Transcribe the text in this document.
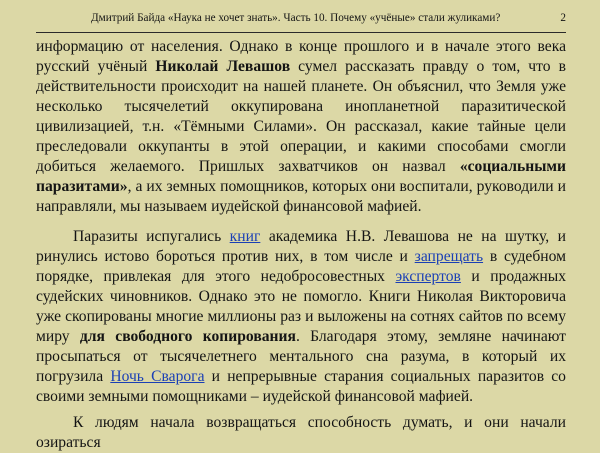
Дмитрий Байда «Наука не хочет знать». Часть 10. Почему «учёные» стали жуликами?	2

информацию от населения. Однако в конце прошлого и в начале этого века русский учёный Николай Левашов сумел рассказать правду о том, что в действительности происходит на нашей планете. Он объяснил, что Земля уже несколько тысячелетий оккупирована инопланетной паразитической цивилизацией, т.н. «Тёмными Силами». Он рассказал, какие тайные цели преследовали оккупанты в этой операции, и какими способами смогли добиться желаемого. Пришлых захватчиков он назвал «социальными паразитами», а их земных помощников, которых они воспитали, руководили и направляли, мы называем иудейской финансовой мафией.

Паразиты испугались книг академика Н.В. Левашова не на шутку, и ринулись истово бороться против них, в том числе и запрещать в судебном порядке, привлекая для этого недобросовестных экспертов и продажных судейских чиновников. Однако это не помогло. Книги Николая Викторовича уже скопированы многие миллионы раз и выложены на сотнях сайтов по всему миру для свободного копирования. Благодаря этому, земляне начинают просыпаться от тысячелетнего ментального сна разума, в который их погрузила Ночь Сварога и непрерывные старания социальных паразитов со своими земными помощниками – иудейской финансовой мафией.

К людям начала возвращаться способность думать, и они начали озираться
